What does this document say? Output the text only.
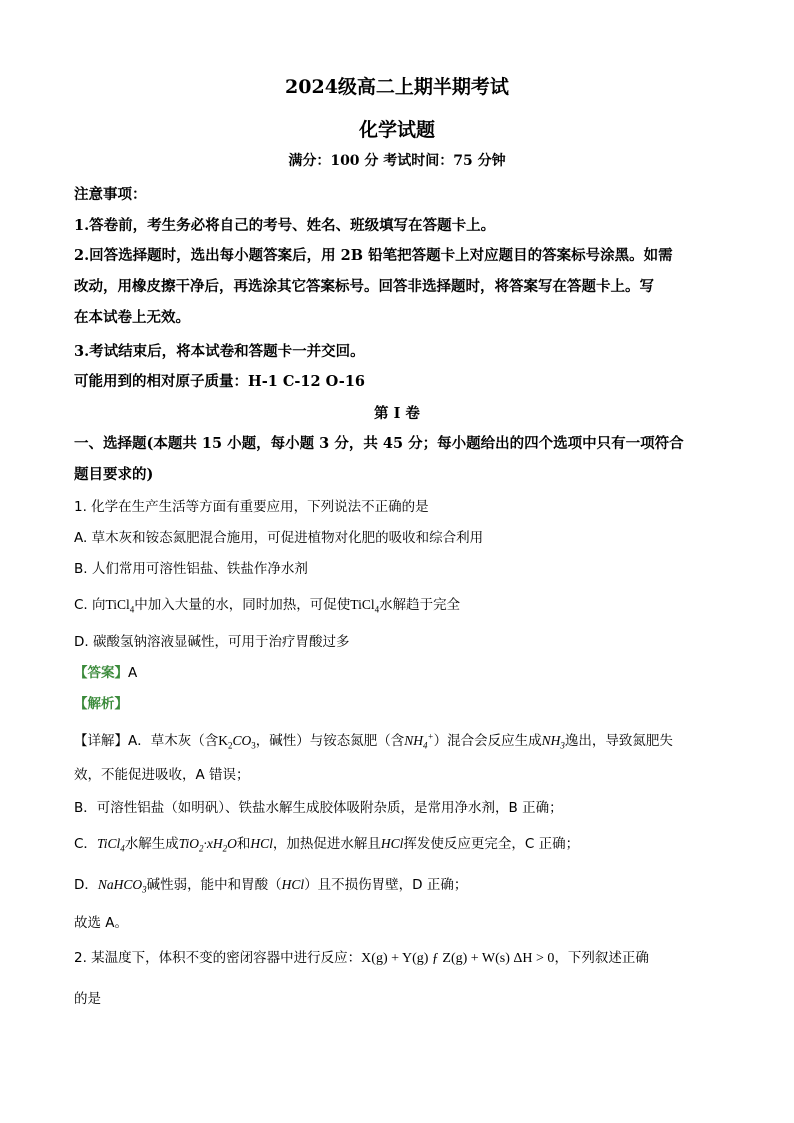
2024级高二上期半期考试
化学试题
满分：100 分 考试时间：75 分钟
注意事项：
1.答卷前，考生务必将自己的考号、姓名、班级填写在答题卡上。
2.回答选择题时，选出每小题答案后，用 2B 铅笔把答题卡上对应题目的答案标号涂黑。如需
改动，用橡皮擦干净后，再选涂其它答案标号。回答非选择题时，将答案写在答题卡上。写
在本试卷上无效。
3.考试结束后，将本试卷和答题卡一并交回。
可能用到的相对原子质量：H-1 C-12 O-16
第 I 卷
一、选择题(本题共 15 小题，每小题 3 分，共 45 分；每小题给出的四个选项中只有一项符合
题目要求的)
1. 化学在生产生活等方面有重要应用，下列说法不正确的是
A. 草木灰和铵态氮肥混合施用，可促进植物对化肥的吸收和综合利用
B. 人们常用可溶性铝盐、铁盐作净水剂
C. 向TiCl$_4$中加入大量的水，同时加热，可促使TiCl$_4$水解趋于完全
D. 碳酸氢钠溶液显碱性，可用于治疗胃酸过多
【答案】A
【解析】
【详解】A．草木灰（含$K_2CO_3$，碱性）与铵态氮肥（含$NH_4^+$）混合会反应生成$NH_3$逸出，导致氮肥失
效，不能促进吸收，A 错误；
B．可溶性铝盐（如明矾）、铁盐水解生成胶体吸附杂质，是常用净水剂，B 正确；
C．TiCl$_4$水解生成$TiO_2\cdot xH_2O$和HCl，加热促进水解且HCl挥发使反应更完全，C 正确；
D．NaHCO$_3$碱性弱，能中和胃酸（HCl）且不损伤胃壁，D 正确；
故选 A。
2. 某温度下，体积不变的密闭容器中进行反应：X(g) + Y(g) ƒ Z(g) + W(s) ΔH > 0，下列叙述正确
的是
